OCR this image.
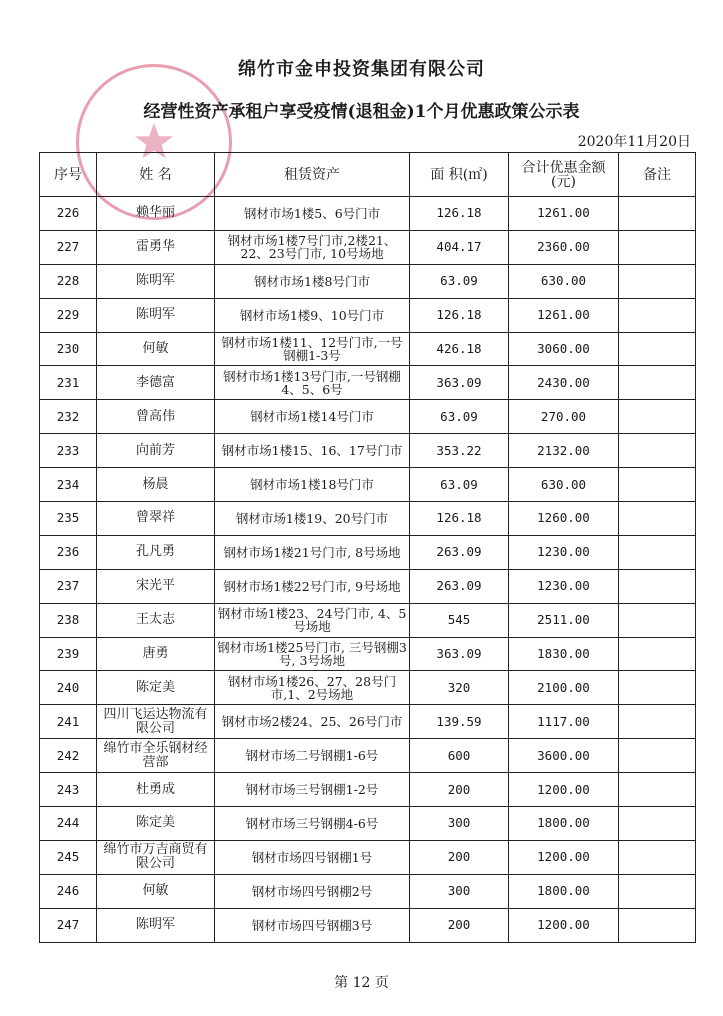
绵竹市金申投资集团有限公司
经营性资产承租户享受疫情(退租金)1个月优惠政策公示表
2020年11月20日
序号	姓 名	租赁资产	面 积(㎡)	合计优惠金额(元)	备注
226	赖华丽	钢材市场1楼5、6号门市	126.18	1261.00	
227	雷勇华	钢材市场1楼7号门市,2楼21、22、23号门市, 10号场地	404.17	2360.00	
228	陈明军	钢材市场1楼8号门市	63.09	630.00	
229	陈明军	钢材市场1楼9、10号门市	126.18	1261.00	
230	何敏	钢材市场1楼11、12号门市,一号钢棚1-3号	426.18	3060.00	
231	李德富	钢材市场1楼13号门市,一号钢棚4、5、6号	363.09	2430.00	
232	曾高伟	钢材市场1楼14号门市	63.09	270.00	
233	向前芳	钢材市场1楼15、16、17号门市	353.22	2132.00	
234	杨晨	钢材市场1楼18号门市	63.09	630.00	
235	曾翠祥	钢材市场1楼19、20号门市	126.18	1260.00	
236	孔凡勇	钢材市场1楼21号门市, 8号场地	263.09	1230.00	
237	宋光平	钢材市场1楼22号门市, 9号场地	263.09	1230.00	
238	王太志	钢材市场1楼23、24号门市, 4、5号场地	545	2511.00	
239	唐勇	钢材市场1楼25号门市, 三号钢棚3号, 3号场地	363.09	1830.00	
240	陈定美	钢材市场1楼26、27、28号门市,1、2号场地	320	2100.00	
241	四川飞运达物流有限公司	钢材市场2楼24、25、26号门市	139.59	1117.00	
242	绵竹市全乐钢材经营部	钢材市场二号钢棚1-6号	600	3600.00	
243	杜勇成	钢材市场三号钢棚1-2号	200	1200.00	
244	陈定美	钢材市场三号钢棚4-6号	300	1800.00	
245	绵竹市万吉商贸有限公司	钢材市场四号钢棚1号	200	1200.00	
246	何敏	钢材市场四号钢棚2号	300	1800.00	
247	陈明军	钢材市场四号钢棚3号	200	1200.00	
第 12 页
